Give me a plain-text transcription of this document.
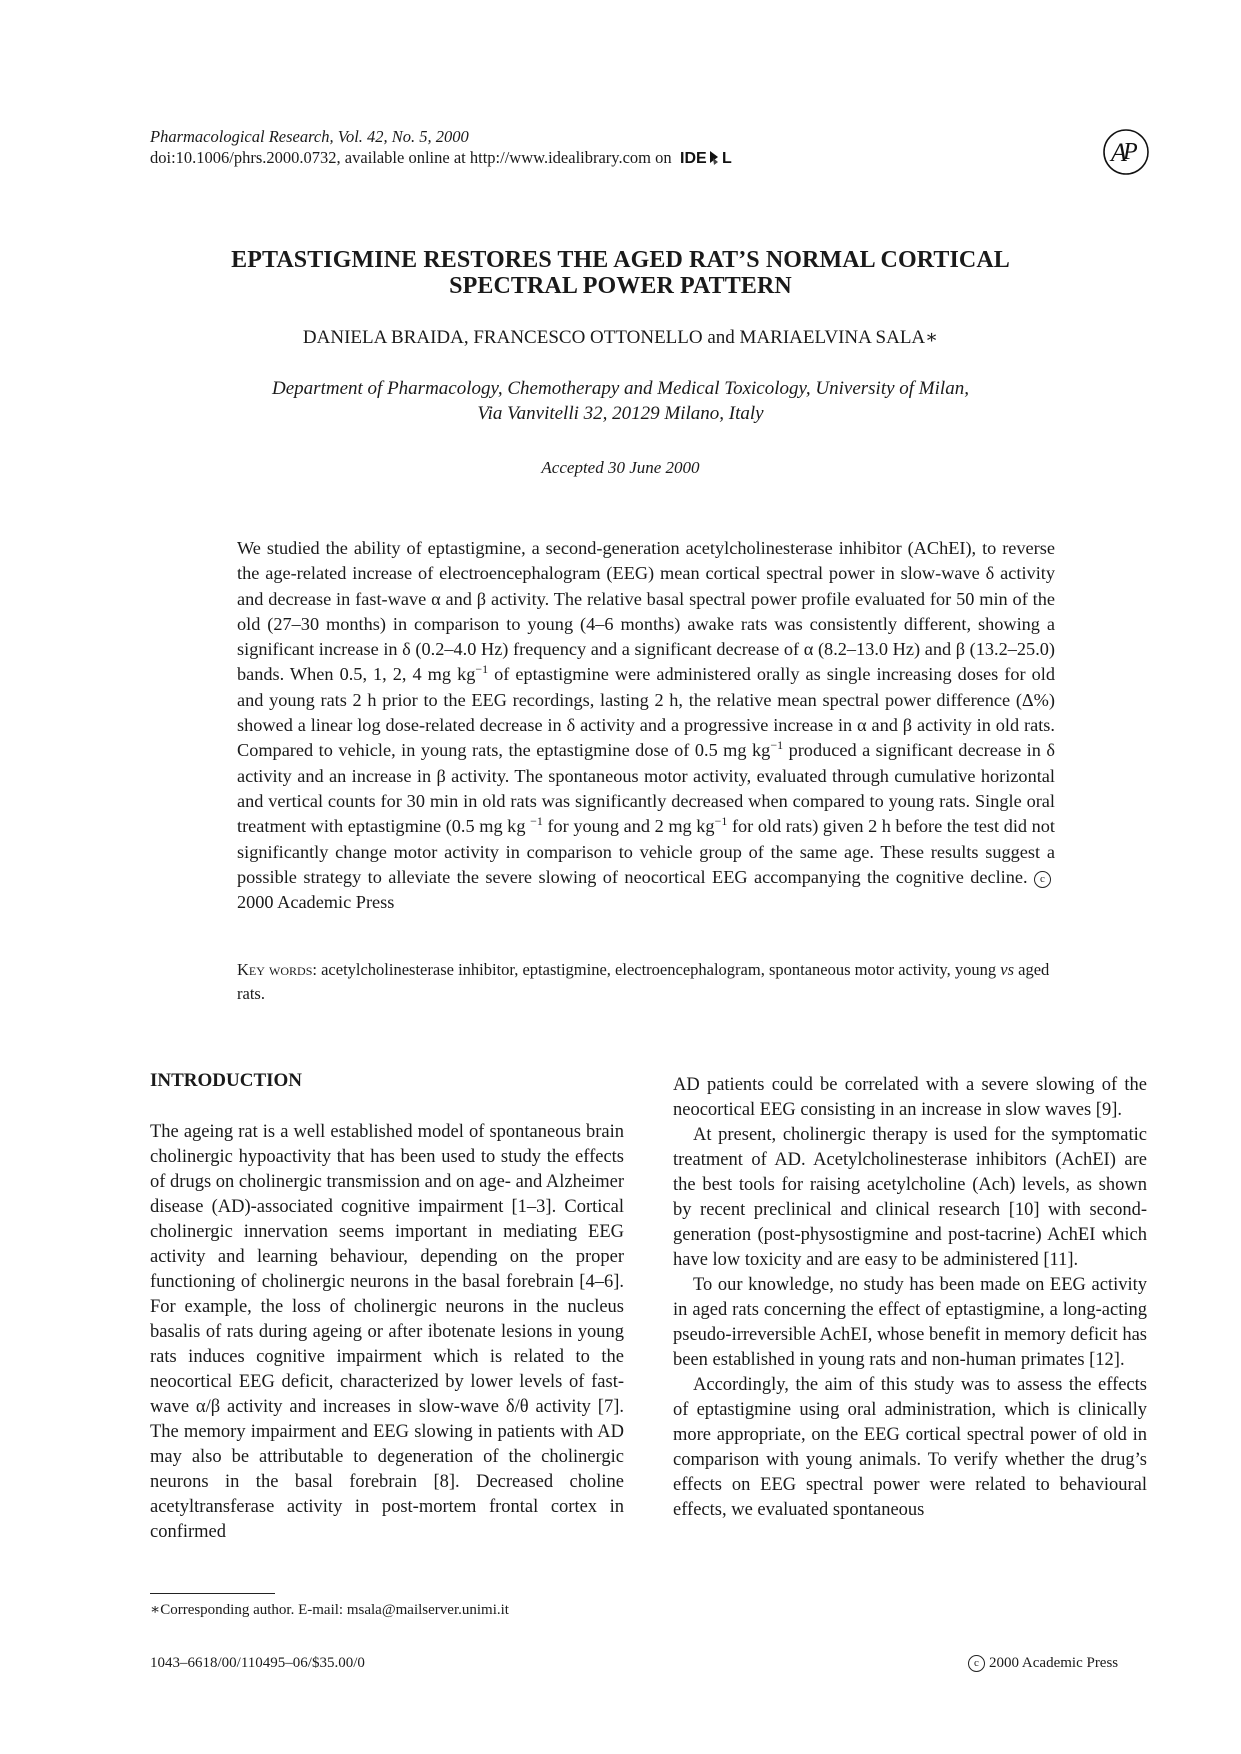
Pharmacological Research, Vol. 42, No. 5, 2000
doi:10.1006/phrs.2000.0732, available online at http://www.idealibrary.com on IDE L	A
P
EPTASTIGMINE RESTORES THE AGED RAT’S NORMAL CORTICAL
SPECTRAL POWER PATTERN
DANIELA BRAIDA, FRANCESCO OTTONELLO and MARIAELVINA SALA∗
Department of Pharmacology, Chemotherapy and Medical Toxicology, University of Milan,
Via Vanvitelli 32, 20129 Milano, Italy
Accepted 30 June 2000
We studied the ability of eptastigmine, a second-generation acetylcholinesterase inhibitor (AChEI), to reverse the age-related increase of electroencephalogram (EEG) mean cortical spectral power in slow-wave δ activity and decrease in fast-wave α and β activity. The relative basal spectral power profile evaluated for 50 min of the old (27–30 months) in comparison to young (4–6 months) awake rats was consistently different, showing a significant increase in δ (0.2–4.0 Hz) frequency and a significant decrease of α (8.2–13.0 Hz) and β (13.2–25.0) bands. When 0.5, 1, 2, 4 mg $kg^{-1}$ of eptastigmine were administered orally as single increasing doses for old and young rats 2 h prior to the EEG recordings, lasting 2 h, the relative mean spectral power difference (Δ%) showed a linear log dose-related decrease in δ activity and a progressive increase in α and β activity in old rats. Compared to vehicle, in young rats, the eptastigmine dose of 0.5 mg $kg^{-1}$ produced a significant decrease in δ activity and an increase in β activity. The spontaneous motor activity, evaluated through cumulative horizontal and vertical counts for 30 min in old rats was significantly decreased when compared to young rats. Single oral treatment with eptastigmine (0.5 mg kg $^{-1}$ for young and 2 mg $kg^{-1}$ for old rats) given 2 h before the test did not significantly change motor activity in comparison to vehicle group of the same age. These results suggest a possible strategy to alleviate the severe slowing of neocortical EEG accompanying the cognitive decline. c2000 Academic Press
Key words: acetylcholinesterase inhibitor, eptastigmine, electroencephalogram, spontaneous motor activity, young vs aged rats.
INTRODUCTION

The ageing rat is a well established model of spontaneous brain cholinergic hypoactivity that has been used to study the effects of drugs on cholinergic transmission and on age- and Alzheimer disease (AD)-associated cognitive impairment [1–3]. Cortical cholinergic innervation seems important in mediating EEG activity and learning behaviour, depending on the proper functioning of cholinergic neurons in the basal forebrain [4–6]. For example, the loss of cholinergic neurons in the nucleus basalis of rats during ageing or after ibotenate lesions in young rats induces cognitive impairment which is related to the neocortical EEG deficit, characterized by lower levels of fast-wave α/β activity and increases in slow-wave δ/θ activity [7]. The memory impairment and EEG slowing in patients with AD may also be attributable to degeneration of the cholinergic neurons in the basal forebrain [8]. Decreased choline acetyltransferase activity in post-mortem frontal cortex in confirmed

AD patients could be correlated with a severe slowing of the neocortical EEG consisting in an increase in slow waves [9].

At present, cholinergic therapy is used for the symptomatic treatment of AD. Acetylcholinesterase inhibitors (AchEI) are the best tools for raising acetylcholine (Ach) levels, as shown by recent preclinical and clinical research [10] with second-generation (post-physostigmine and post-tacrine) AchEI which have low toxicity and are easy to be administered [11].

To our knowledge, no study has been made on EEG activity in aged rats concerning the effect of eptastigmine, a long-acting pseudo-irreversible AchEI, whose benefit in memory deficit has been established in young rats and non-human primates [12].

Accordingly, the aim of this study was to assess the effects of eptastigmine using oral administration, which is clinically more appropriate, on the EEG cortical spectral power of old in comparison with young animals. To verify whether the drug’s effects on EEG spectral power were related to behavioural effects, we evaluated spontaneous

∗Corresponding author. E-mail: msala@mailserver.unimi.it
1043–6618/00/110495–06/$35.00/0	c 2000 Academic Press
